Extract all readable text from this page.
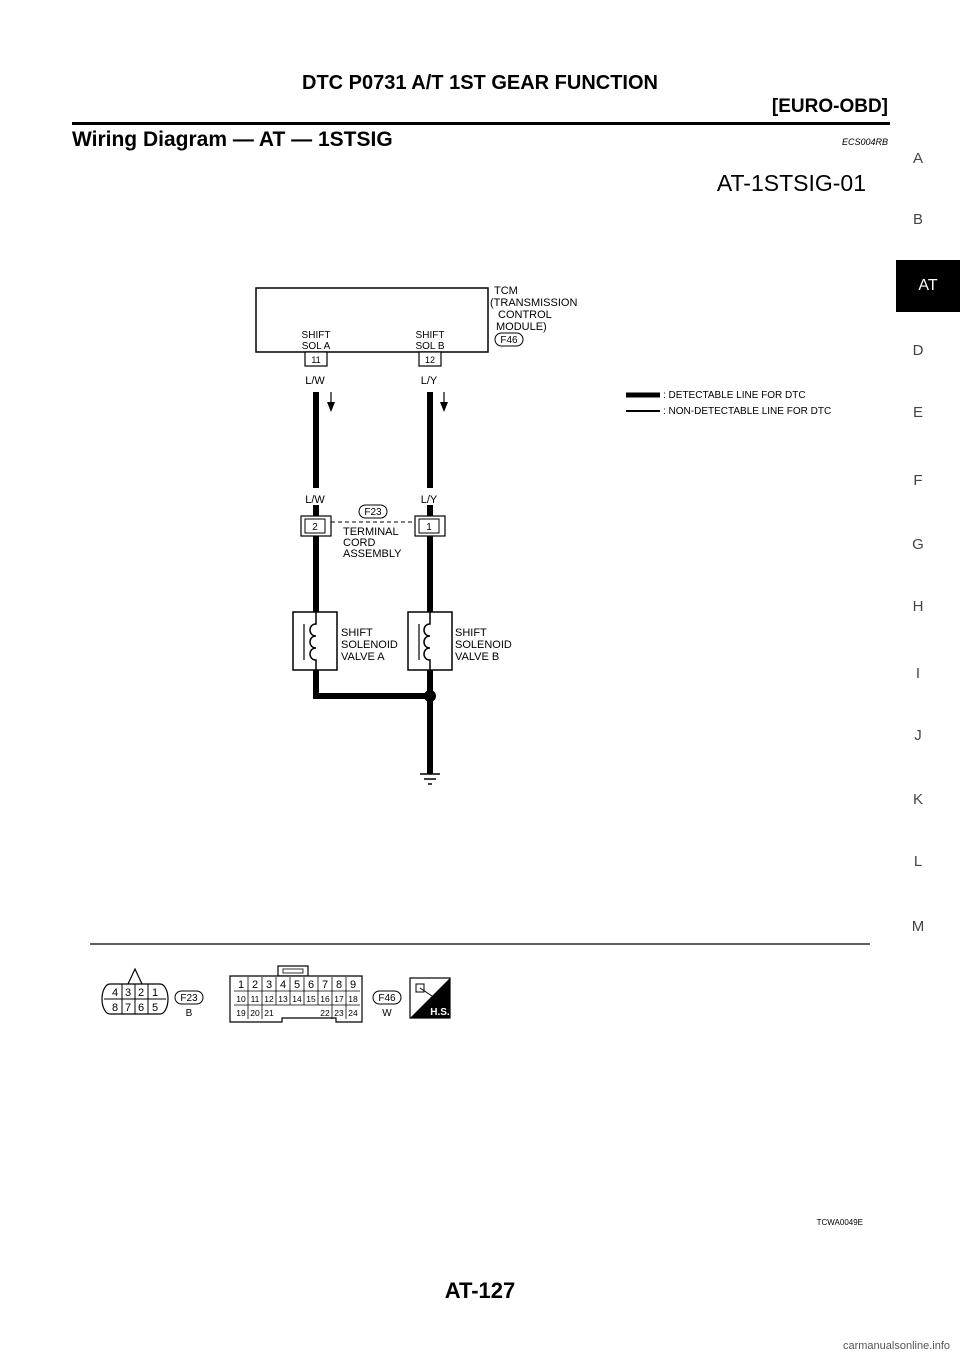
DTC P0731 A/T 1ST GEAR FUNCTION
[EURO-OBD]
Wiring Diagram — AT — 1STSIG	ECS004RB
A
B
AT
D
E
F
G
H
I
J
K
L
M
AT-1STSIG-01
TCM
(TRANSMISSION
CONTROL
MODULE)
F46
SHIFT
SOL A
SHIFT
SOL B
11	12
L/W	L/Y
: DETECTABLE LINE FOR DTC
: NON-DETECTABLE LINE FOR DTC
L/W	L/Y
2	1
F23
TERMINAL
CORD
ASSEMBLY
SHIFT
SOLENOID
VALVE A
SHIFT
SOLENOID
VALVE B
4 3 2 1
8 7 6 5
F23
B
1 2 3 4 5 6 7 8 9
10 11 12 13 14 15 16 17 18
19 20 21	22 23 24
F46
W	H.S.
TCWA0049E
AT-127
carmanualsonline.info
